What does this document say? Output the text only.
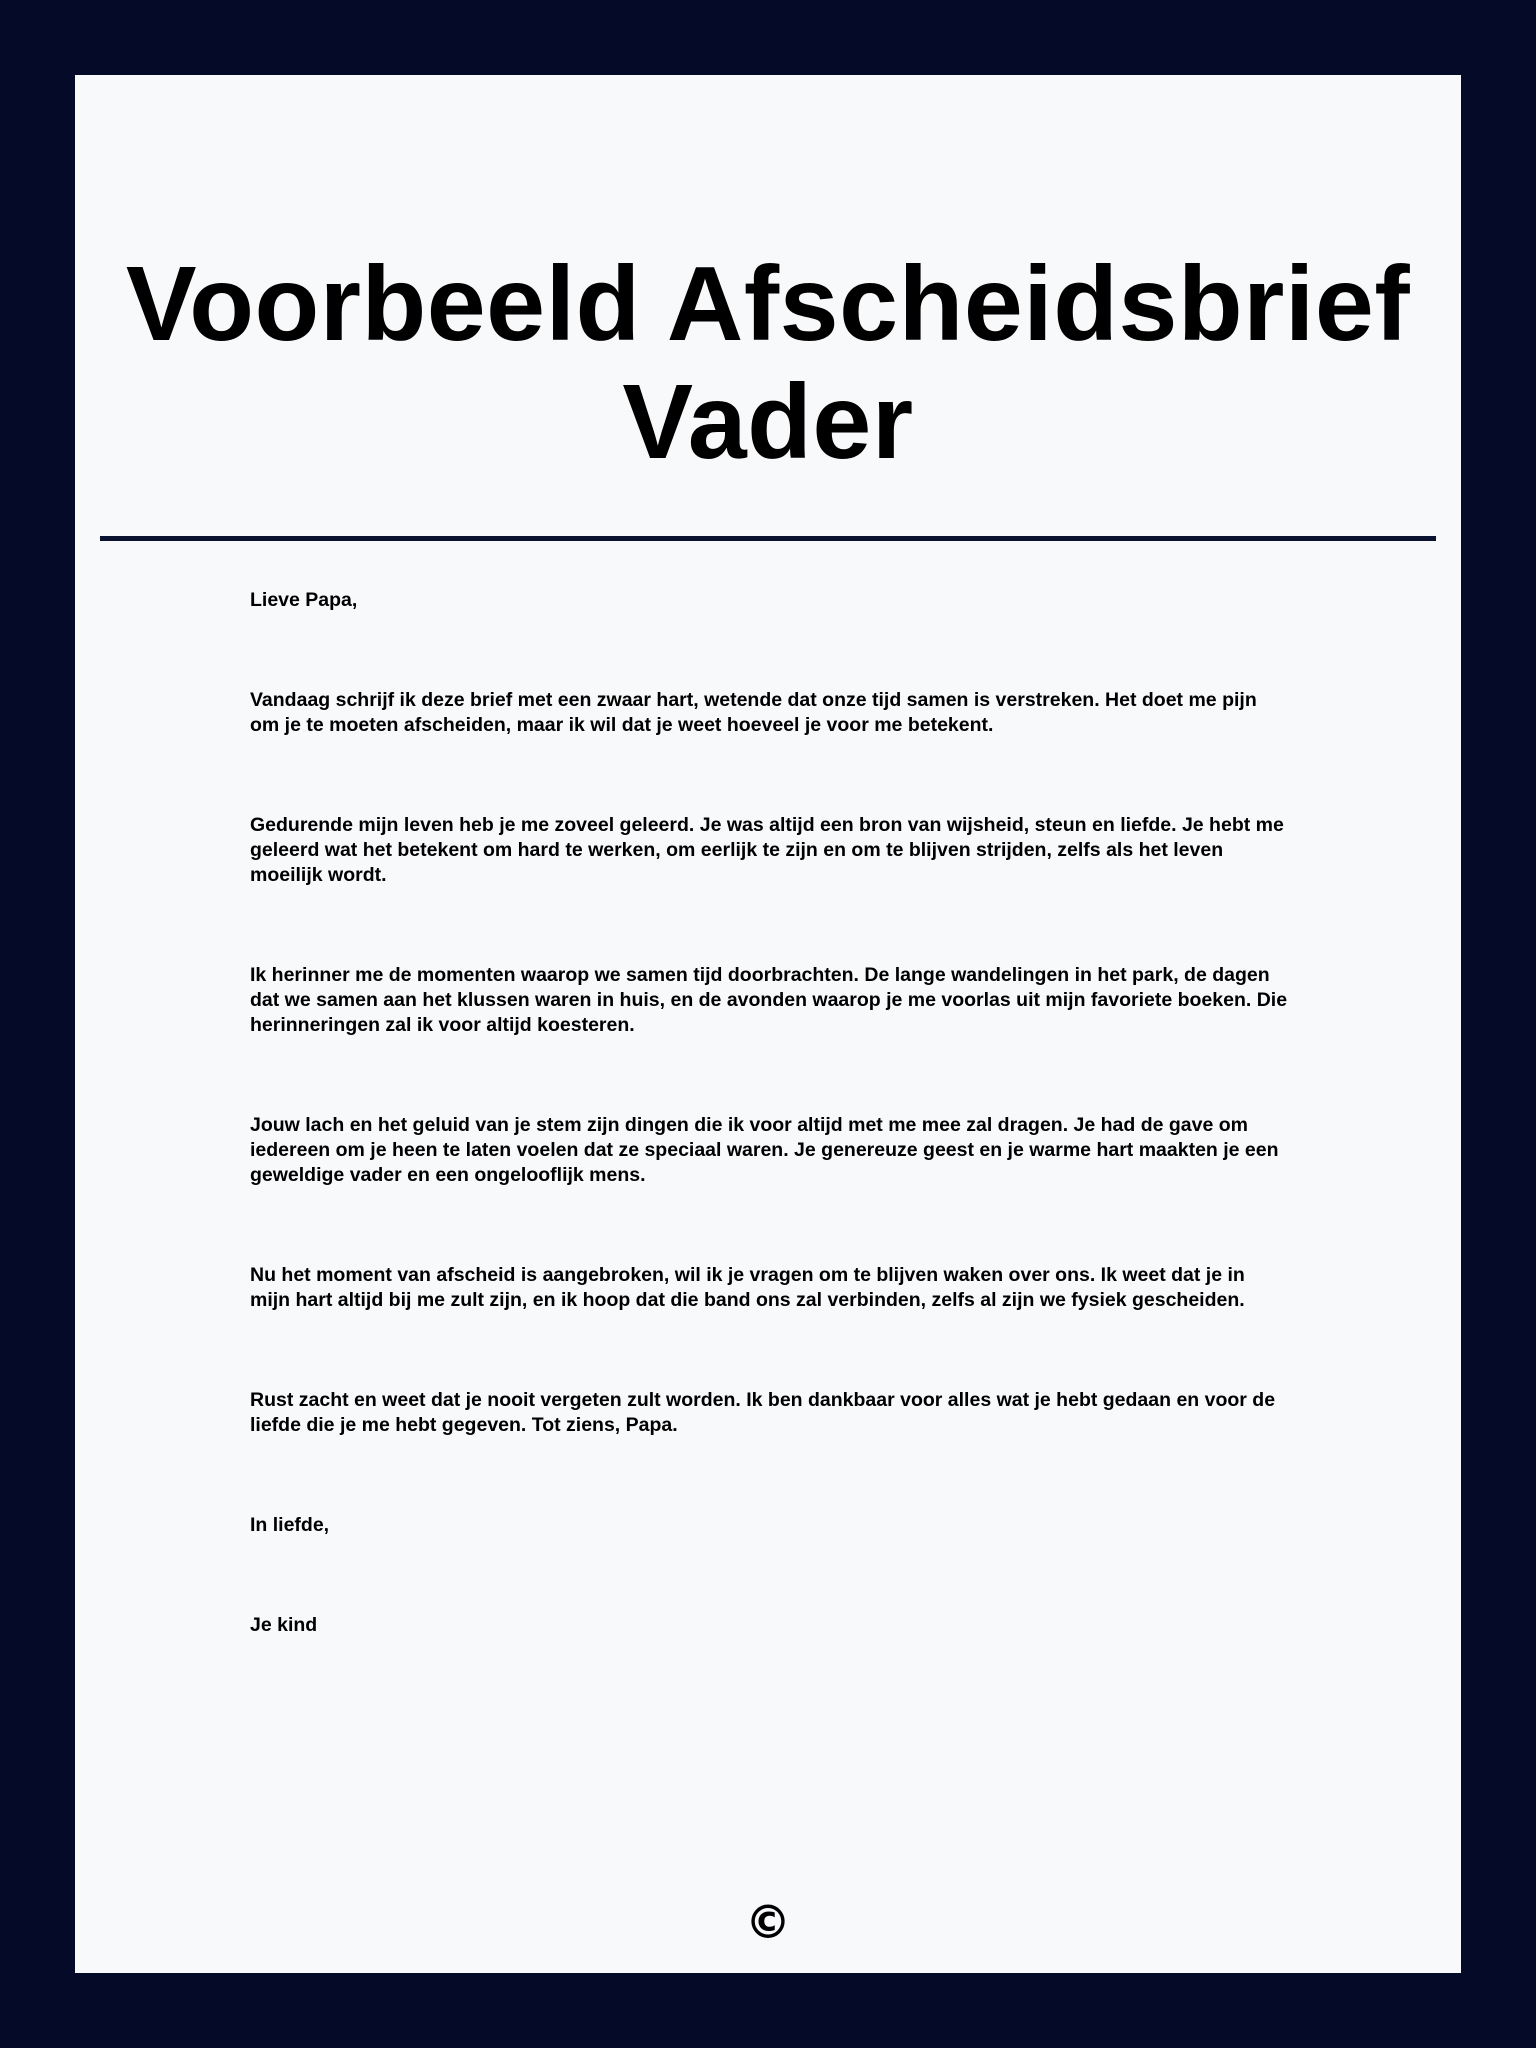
Voorbeeld Afscheidsbrief Vader

Lieve Papa,

Vandaag schrijf ik deze brief met een zwaar hart, wetende dat onze tijd samen is verstreken. Het doet me pijn om je te moeten afscheiden, maar ik wil dat je weet hoeveel je voor me betekent.

Gedurende mijn leven heb je me zoveel geleerd. Je was altijd een bron van wijsheid, steun en liefde. Je hebt me geleerd wat het betekent om hard te werken, om eerlijk te zijn en om te blijven strijden, zelfs als het leven moeilijk wordt.

Ik herinner me de momenten waarop we samen tijd doorbrachten. De lange wandelingen in het park, de dagen dat we samen aan het klussen waren in huis, en de avonden waarop je me voorlas uit mijn favoriete boeken. Die herinneringen zal ik voor altijd koesteren.

Jouw lach en het geluid van je stem zijn dingen die ik voor altijd met me mee zal dragen. Je had de gave om iedereen om je heen te laten voelen dat ze speciaal waren. Je genereuze geest en je warme hart maakten je een geweldige vader en een ongelooflijk mens.

Nu het moment van afscheid is aangebroken, wil ik je vragen om te blijven waken over ons. Ik weet dat je in mijn hart altijd bij me zult zijn, en ik hoop dat die band ons zal verbinden, zelfs al zijn we fysiek gescheiden.

Rust zacht en weet dat je nooit vergeten zult worden. Ik ben dankbaar voor alles wat je hebt gedaan en voor de liefde die je me hebt gegeven. Tot ziens, Papa.

In liefde,

Je kind

©
